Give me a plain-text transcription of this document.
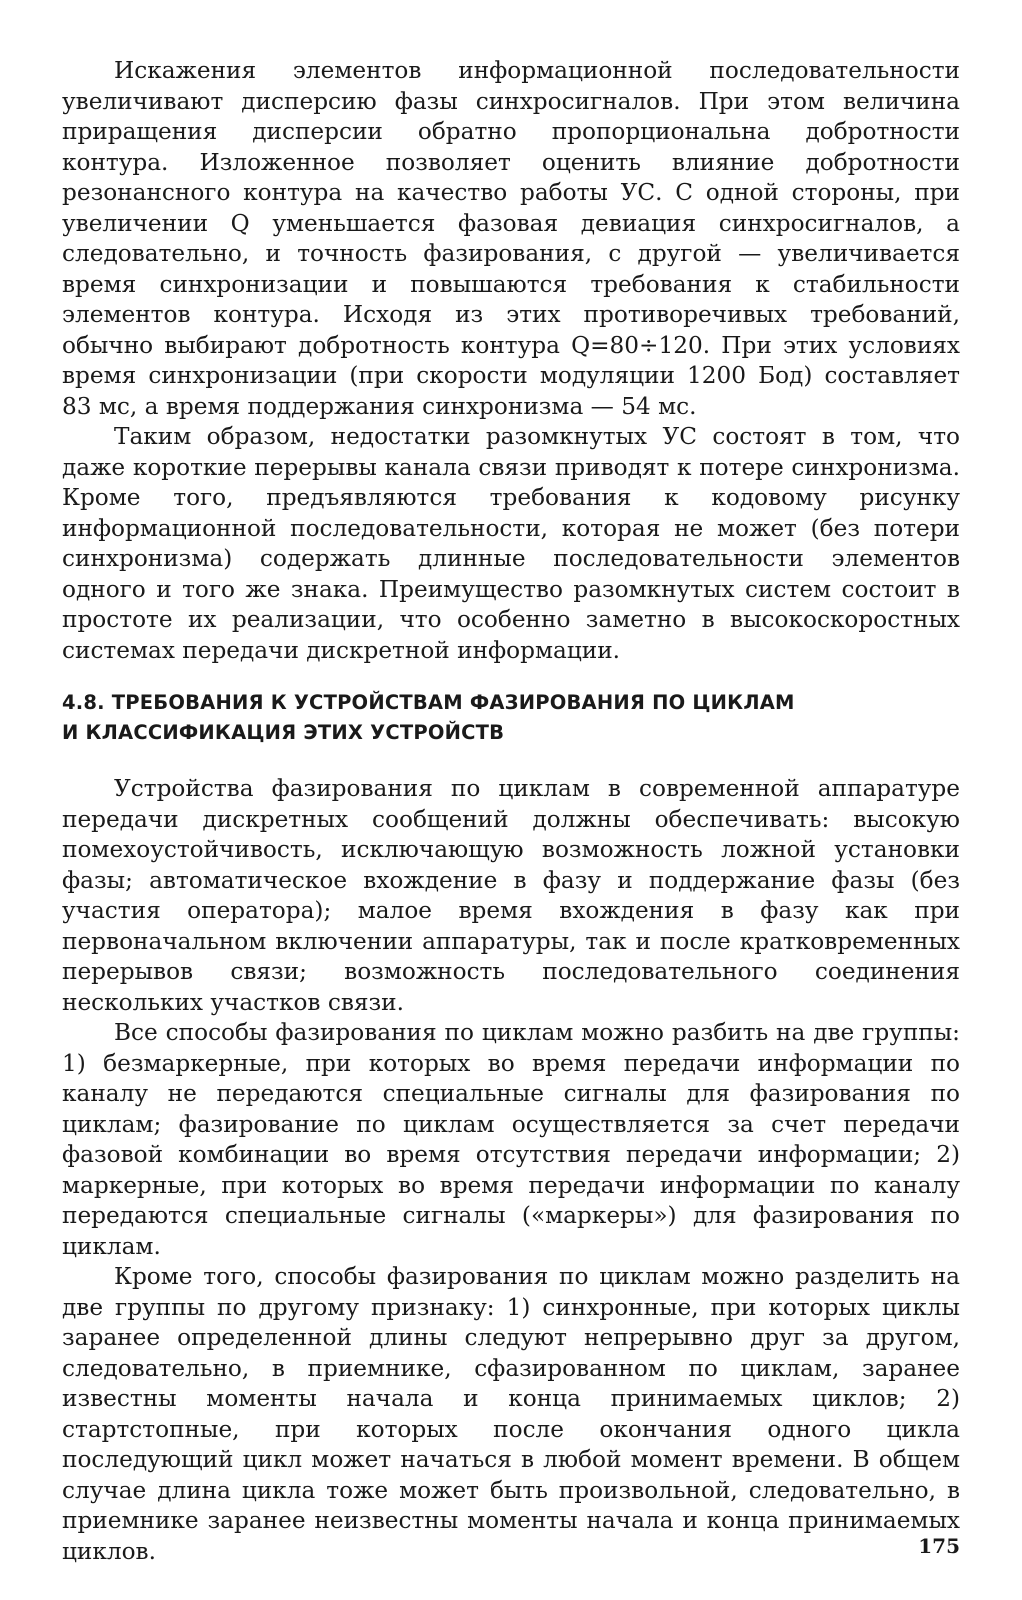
Искажения элементов информационной последовательности увеличивают дисперсию фазы синхросигналов. При этом величина приращения дисперсии обратно пропорциональна добротности контура. Изложенное позволяет оценить влияние добротности резонансного контура на качество работы УС. С одной стороны, при увеличении Q уменьшается фазовая девиация синхросигналов, а следовательно, и точность фазирования, с другой — увеличивается время синхронизации и повышаются требования к стабильности элементов контура. Исходя из этих противоречивых требований, обычно выбирают добротность контура Q=80÷120. При этих условиях время синхронизации (при скорости модуляции 1200 Бод) составляет 83 мс, а время поддержания синхронизма — 54 мс.

Таким образом, недостатки разомкнутых УС состоят в том, что даже короткие перерывы канала связи приводят к потере синхронизма. Кроме того, предъявляются требования к кодовому рисунку информационной последовательности, которая не может (без потери синхронизма) содержать длинные последовательности элементов одного и того же знака. Преимущество разомкнутых систем состоит в простоте их реализации, что особенно заметно в высокоскоростных системах передачи дискретной информации.

4.8. ТРЕБОВАНИЯ К УСТРОЙСТВАМ ФАЗИРОВАНИЯ ПО ЦИКЛАМ
И КЛАССИФИКАЦИЯ ЭТИХ УСТРОЙСТВ

Устройства фазирования по циклам в современной аппаратуре передачи дискретных сообщений должны обеспечивать: высокую помехоустойчивость, исключающую возможность ложной установки фазы; автоматическое вхождение в фазу и поддержание фазы (без участия оператора); малое время вхождения в фазу как при первоначальном включении аппаратуры, так и после кратковременных перерывов связи; возможность последовательного соединения нескольких участков связи.

Все способы фазирования по циклам можно разбить на две группы: 1) безмаркерные, при которых во время передачи информации по каналу не передаются специальные сигналы для фазирования по циклам; фазирование по циклам осуществляется за счет передачи фазовой комбинации во время отсутствия передачи информации; 2) маркерные, при которых во время передачи информации по каналу передаются специальные сигналы («маркеры») для фазирования по циклам.

Кроме того, способы фазирования по циклам можно разделить на две группы по другому признаку: 1) синхронные, при которых циклы заранее определенной длины следуют непрерывно друг за другом, следовательно, в приемнике, сфазированном по циклам, заранее известны моменты начала и конца принимаемых циклов; 2) стартстопные, при которых после окончания одного цикла последующий цикл может начаться в любой момент времени. В общем случае длина цикла тоже может быть произвольной, следовательно, в приемнике заранее неизвестны моменты начала и конца принимаемых циклов.	175
